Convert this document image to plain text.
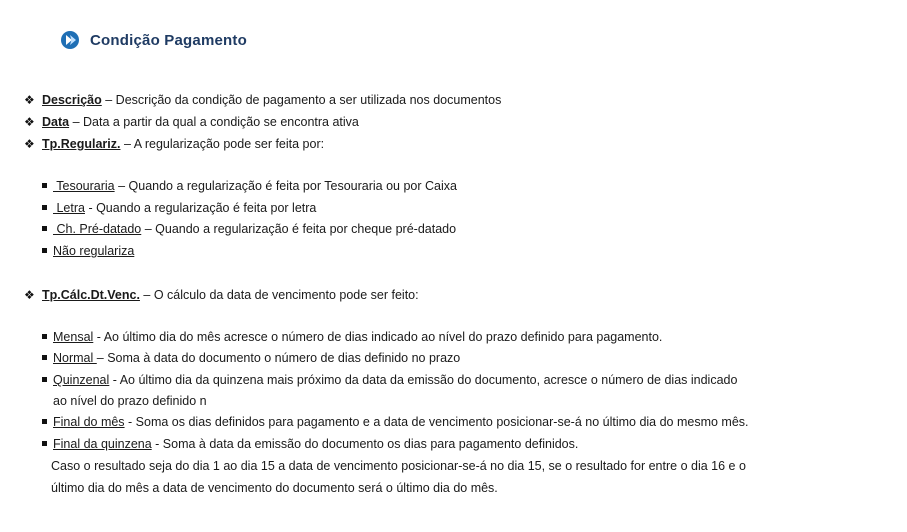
Condição Pagamento
❖ Descrição – Descrição da condição de pagamento a ser utilizada nos documentos
❖ Data – Data a partir da qual a condição se encontra ativa
❖ Tp.Regulariz. – A regularização pode ser feita por:
Tesouraria – Quando a regularização é feita por Tesouraria ou por Caixa
Letra - Quando a regularização é feita por letra
Ch. Pré-datado – Quando a regularização é feita por cheque pré-datado
Não regulariza
❖ Tp.Cálc.Dt.Venc. – O cálculo da data de vencimento pode ser feito:
Mensal - Ao último dia do mês acresce o número de dias indicado ao nível do prazo definido para pagamento.
Normal – Soma à data do documento o número de dias definido no prazo
Quinzenal - Ao último dia da quinzena mais próximo da data da emissão do documento, acresce o número de dias indicado
ao nível do prazo definido n
Final do mês - Soma os dias definidos para pagamento e a data de vencimento posicionar-se-á no último dia do mesmo mês.
Final da quinzena - Soma à data da emissão do documento os dias para pagamento definidos.
Caso o resultado seja do dia 1 ao dia 15 a data de vencimento posicionar-se-á no dia 15, se o resultado for entre o dia 16 e o
último dia do mês a data de vencimento do documento será o último dia do mês.
